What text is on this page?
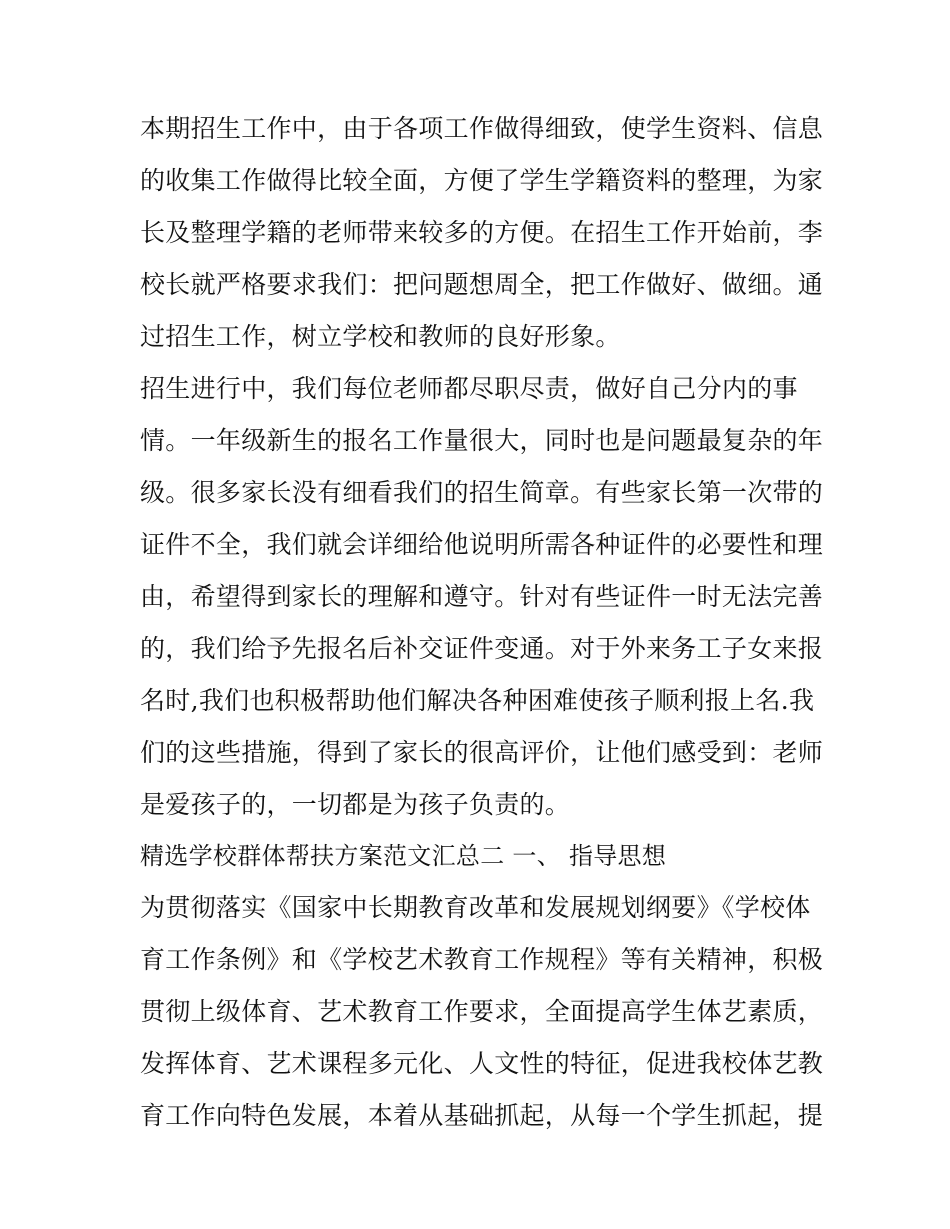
本期招生工作中，由于各项工作做得细致，使学生资料、信息
的收集工作做得比较全面，方便了学生学籍资料的整理，为家
长及整理学籍的老师带来较多的方便。在招生工作开始前，李
校长就严格要求我们：把问题想周全，把工作做好、做细。通
过招生工作，树立学校和教师的良好形象。
招生进行中，我们每位老师都尽职尽责，做好自己分内的事
情。一年级新生的报名工作量很大，同时也是问题最复杂的年
级。很多家长没有细看我们的招生简章。有些家长第一次带的
证件不全，我们就会详细给他说明所需各种证件的必要性和理
由，希望得到家长的理解和遵守。针对有些证件一时无法完善
的，我们给予先报名后补交证件变通。对于外来务工子女来报
名时,我们也积极帮助他们解决各种困难使孩子顺利报上名.我
们的这些措施，得到了家长的很高评价，让他们感受到：老师
是爱孩子的，一切都是为孩子负责的。
精选学校群体帮扶方案范文汇总二 一、 指导思想
为贯彻落实《国家中长期教育改革和发展规划纲要》《学校体
育工作条例》和《学校艺术教育工作规程》等有关精神，积极
贯彻上级体育、艺术教育工作要求，全面提高学生体艺素质，
发挥体育、艺术课程多元化、人文性的特征，促进我校体艺教
育工作向特色发展，本着从基础抓起，从每一个学生抓起，提
